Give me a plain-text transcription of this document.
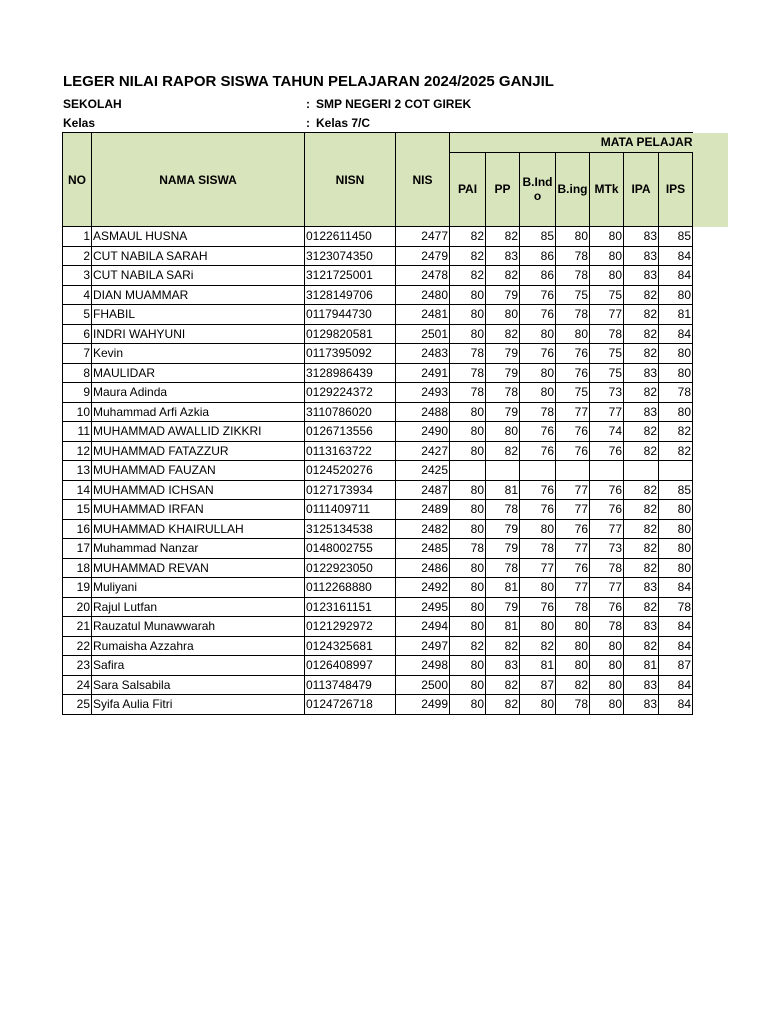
LEGER NILAI RAPOR SISWA TAHUN PELAJARAN 2024/2025 GANJIL
SEKOLAH	: SMP NEGERI 2 COT GIREK
Kelas	: Kelas 7/C
NO	NAMA SISWA	NISN	NIS	MATA PELAJAR							
				PAI	PP	B.Ind o	B.ing	MTk	IPA	IPS	
1	ASMAUL HUSNA	0122611450	2477	82	82	85	80	80	83	85	
2	CUT NABILA SARAH	3123074350	2479	82	83	86	78	80	83	84	
3	CUT NABILA SARi	3121725001	2478	82	82	86	78	80	83	84	
4	DIAN MUAMMAR	3128149706	2480	80	79	76	75	75	82	80	
5	FHABIL	0117944730	2481	80	80	76	78	77	82	81	
6	INDRI WAHYUNI	0129820581	2501	80	82	80	80	78	82	84	
7	Kevin	0117395092	2483	78	79	76	76	75	82	80	
8	MAULIDAR	3128986439	2491	78	79	80	76	75	83	80	
9	Maura Adinda	0129224372	2493	78	78	80	75	73	82	78	
10	Muhammad Arfi Azkia	3110786020	2488	80	79	78	77	77	83	80	
11	MUHAMMAD AWALLID ZIKKRI	0126713556	2490	80	80	76	76	74	82	82	
12	MUHAMMAD FATAZZUR	0113163722	2427	80	82	76	76	76	82	82	
13	MUHAMMAD FAUZAN	0124520276	2425								
14	MUHAMMAD ICHSAN	0127173934	2487	80	81	76	77	76	82	85	
15	MUHAMMAD IRFAN	0111409711	2489	80	78	76	77	76	82	80	
16	MUHAMMAD KHAIRULLAH	3125134538	2482	80	79	80	76	77	82	80	
17	Muhammad Nanzar	0148002755	2485	78	79	78	77	73	82	80	
18	MUHAMMAD REVAN	0122923050	2486	80	78	77	76	78	82	80	
19	Muliyani	0112268880	2492	80	81	80	77	77	83	84	
20	Rajul Lutfan	0123161151	2495	80	79	76	78	76	82	78	
21	Rauzatul Munawwarah	0121292972	2494	80	81	80	80	78	83	84	
22	Rumaisha Azzahra	0124325681	2497	82	82	82	80	80	82	84	
23	Safira	0126408997	2498	80	83	81	80	80	81	87	
24	Sara Salsabila	0113748479	2500	80	82	87	82	80	83	84	
25	Syifa Aulia Fitri	0124726718	2499	80	82	80	78	80	83	84	
